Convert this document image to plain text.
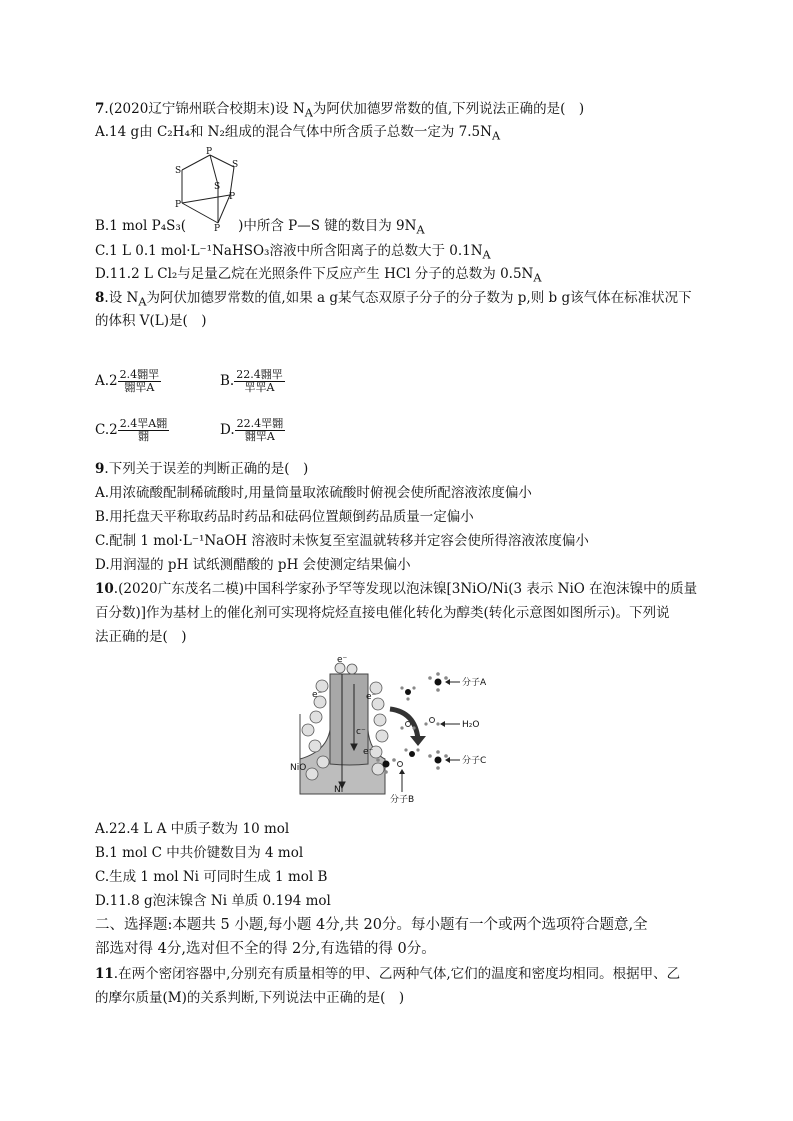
7.(2020辽宁锦州联合校期末)设 $N_A$为阿伏加德罗常数的值,下列说法正确的是(　)
A.14 g由 C₂H₄和 N₂组成的混合气体中所含质子总数一定为 $7.5N_A$
P
S
S
S
P
P
P
B.1 mol P₄S₃(	)中所含 P—S 键的数目为 $9N_A$
C.1 L 0.1 mol·L⁻¹NaHSO₃溶液中所含阳离子的总数大于 $0.1N_A$
D.11.2 L Cl₂与足量乙烷在光照条件下反应产生 HCl 分子的总数为 $0.5N_A$
8.设 $N_A$为阿伏加德罗常数的值,如果 a g某气态双原子分子的分子数为 p,则 b g该气体在标准状况下
的体积 V(L)是(　)
$A.2 \frac{\text{2.4翾䍐}}{\text{翾䍐A}}$	B. $\frac{\text{22.4翾䍐}}{\text{䍐䍐A}}$
$C.2 \frac{\text{2.4䍐A翾}}{\text{翾}}$	D. $\frac{\text{22.4䍐翾}}{\text{翾䍐A}}$
9.下列关于误差的判断正确的是(　)
A.用浓硫酸配制稀硫酸时,用量筒量取浓硫酸时俯视会使所配溶液浓度偏小
B.用托盘天平称取药品时药品和砝码位置颠倒药品质量一定偏小
C.配制 1 mol·L⁻¹NaOH 溶液时未恢复至室温就转移并定容会使所得溶液浓度偏小
D.用润湿的 pH 试纸测醋酸的 pH 会使测定结果偏小
10.(2020广东茂名二模)中国科学家孙予罕等发现以泡沫镍[3NiO/Ni(3 表示 NiO 在泡沫镍中的质量
百分数)]作为基材上的催化剂可实现将烷烃直接电催化转化为醇类(转化示意图如图所示)。下列说
法正确的是(　)
e⁻
e⁻	e⁻
c⁻
e⁻
NiO
Ni
分子A
H₂O
分子C
分子B
A.22.4 L A 中质子数为 10 mol
B.1 mol C 中共价键数目为 4 mol
C.生成 1 mol Ni 可同时生成 1 mol B
D.11.8 g泡沫镍含 Ni 单质 0.194 mol
二、选择题:本题共 5 小题,每小题 4分,共 20分。每小题有一个或两个选项符合题意,全
部选对得 4分,选对但不全的得 2分,有选错的得 0分。
11.在两个密闭容器中,分别充有质量相等的甲、乙两种气体,它们的温度和密度均相同。根据甲、乙
的摩尔质量(M)的关系判断,下列说法中正确的是(　)
